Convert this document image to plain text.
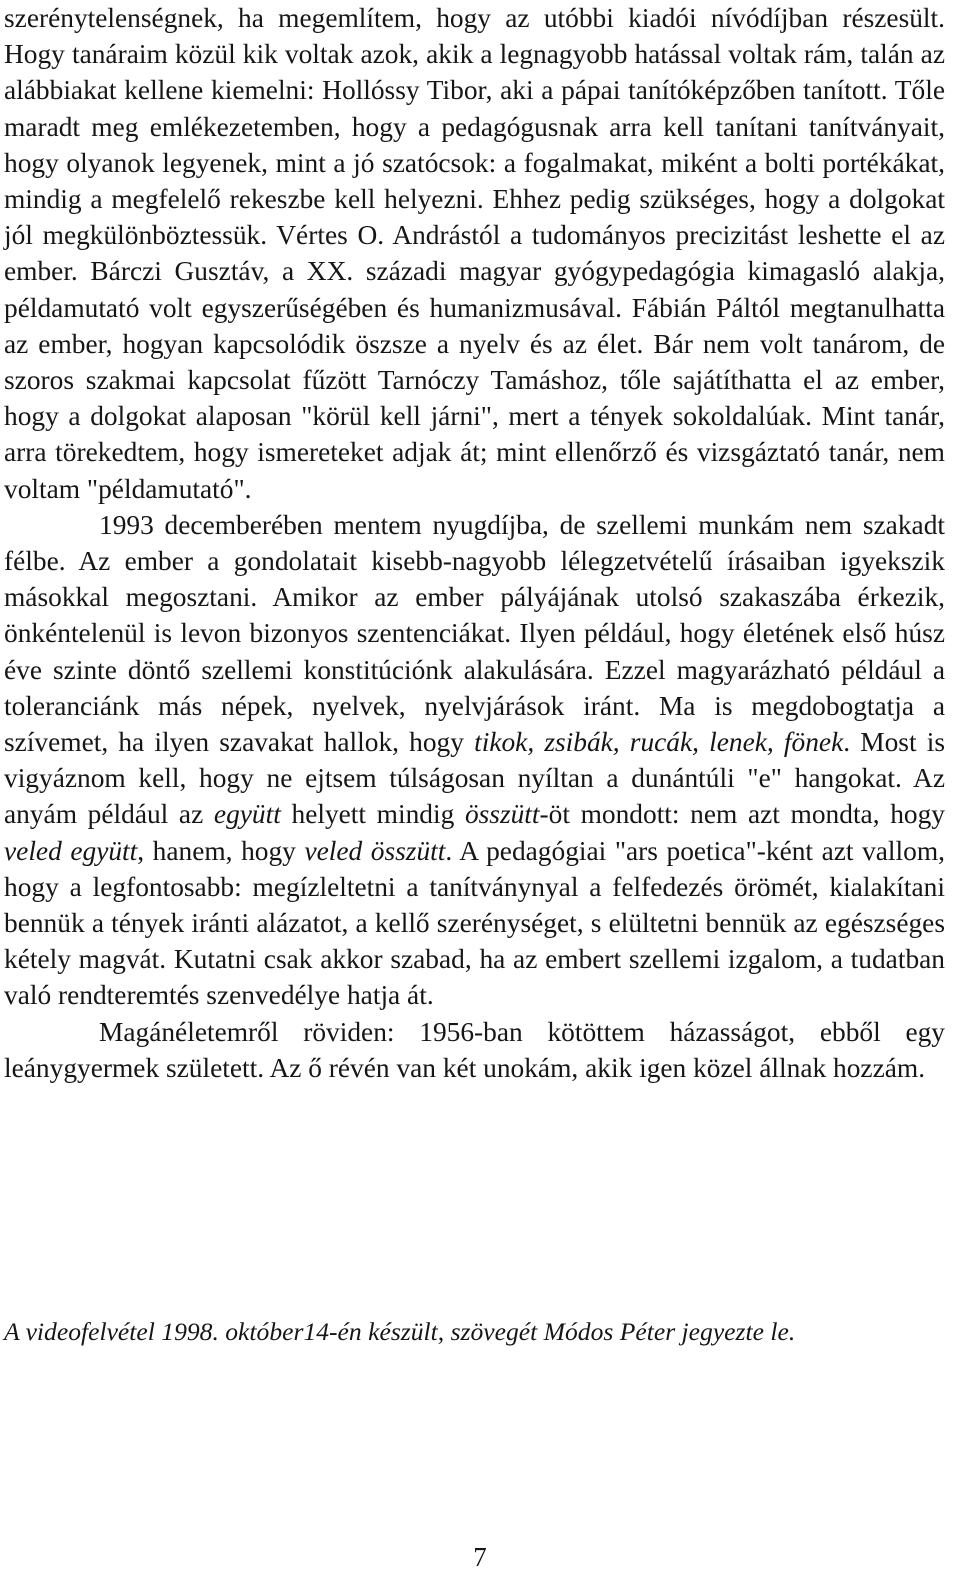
szerénytelenségnek, ha megemlítem, hogy az utóbbi kiadói nívódíjban részesült. Hogy tanáraim közül kik voltak azok, akik a legnagyobb hatással voltak rám, talán az alábbiakat kellene kiemelni: Hollóssy Tibor, aki a pápai tanítóképzőben tanított. Tőle maradt meg emlékezetemben, hogy a pedagógusnak arra kell tanítani tanítványait, hogy olyanok legyenek, mint a jó szatócsok: a fogalmakat, miként a bolti portékákat, mindig a megfelelő rekeszbe kell helyezni. Ehhez pedig szükséges, hogy a dolgokat jól megkülönböztessük. Vértes O. Andrástól a tudományos precizitást leshette el az ember. Bárczi Gusztáv, a XX. századi magyar gyógypedagógia kimagasló alakja, példamutató volt egyszerűségében és humanizmusával. Fábián Páltól megtanulhatta az ember, hogyan kapcsolódik öszsze a nyelv és az élet. Bár nem volt tanárom, de szoros szakmai kapcsolat fűzött Tarnóczy Tamáshoz, tőle sajátíthatta el az ember, hogy a dolgokat alaposan "körül kell járni", mert a tények sokoldalúak. Mint tanár, arra törekedtem, hogy ismereteket adjak át; mint ellenőrző és vizsgáztató tanár, nem voltam "példamutató".

1993 decemberében mentem nyugdíjba, de szellemi munkám nem szakadt félbe. Az ember a gondolatait kisebb-nagyobb lélegzetvételű írásaiban igyekszik másokkal megosztani. Amikor az ember pályájának utolsó szakaszába érkezik, önkéntelenül is levon bizonyos szentenciákat. Ilyen például, hogy életének első húsz éve szinte döntő szellemi konstitúciónk alakulására. Ezzel magyarázható például a toleranciánk más népek, nyelvek, nyelvjárások iránt. Ma is megdobogtatja a szívemet, ha ilyen szavakat hallok, hogy tikok, zsibák, rucák, lenek, fönek. Most is vigyáznom kell, hogy ne ejtsem túlságosan nyíltan a dunántúli "e" hangokat. Az anyám például az együtt helyett mindig összütt-öt mondott: nem azt mondta, hogy veled együtt, hanem, hogy veled összütt. A pedagógiai "ars poetica"-ként azt vallom, hogy a legfontosabb: megízleltetni a tanítványnyal a felfedezés örömét, kialakítani bennük a tények iránti alázatot, a kellő szerénységet, s elültetni bennük az egészséges kétely magvát. Kutatni csak akkor szabad, ha az embert szellemi izgalom, a tudatban való rendteremtés szenvedélye hatja át.

Magánéletemről röviden: 1956-ban kötöttem házasságot, ebből egy leánygyermek született. Az ő révén van két unokám, akik igen közel állnak hozzám.

A videofelvétel 1998. október14-én készült, szövegét Módos Péter jegyezte le.
7
